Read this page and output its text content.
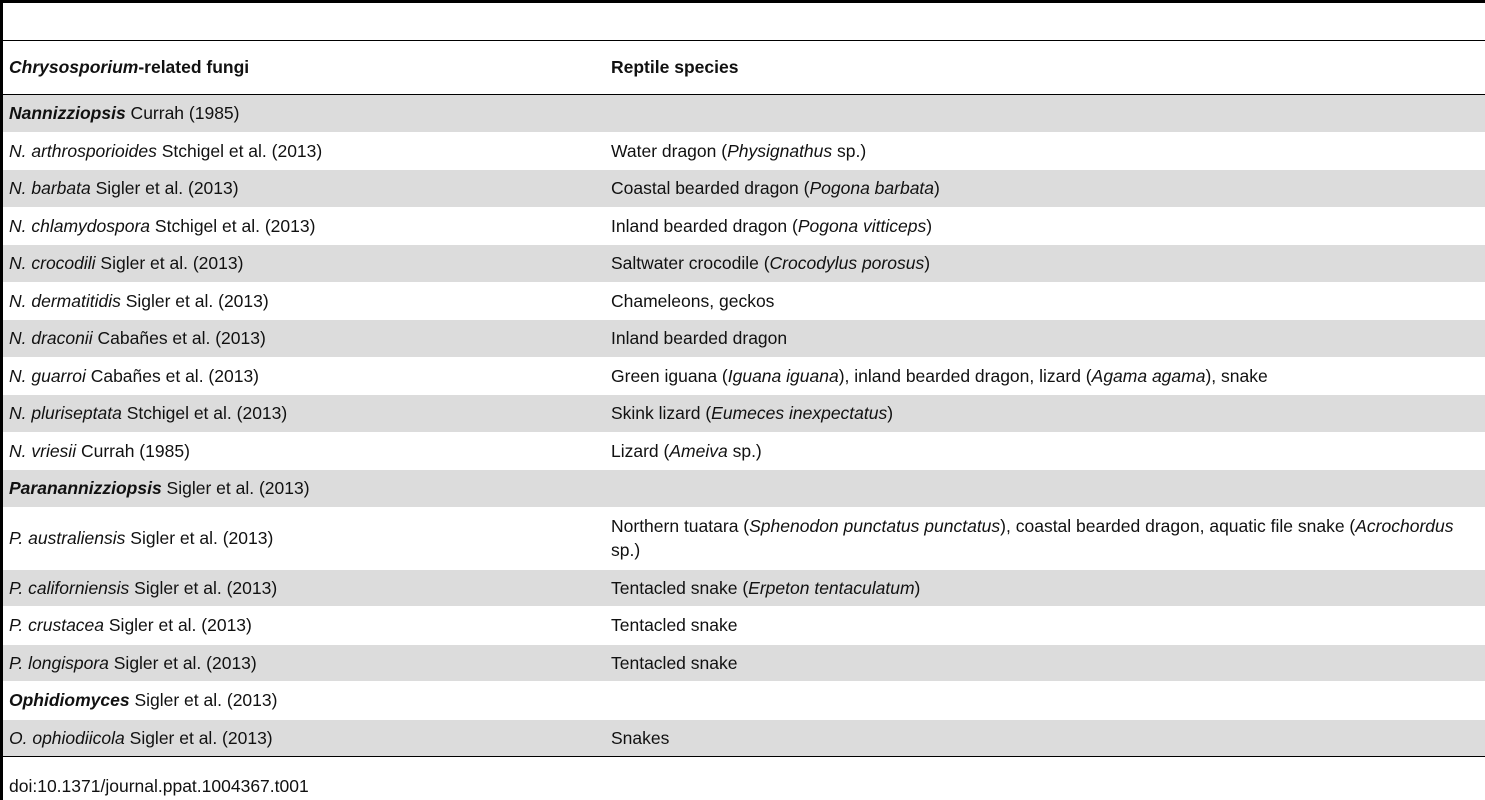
Chrysosporium-related fungi	Reptile species
Nannizziopsis Currah (1985)	
N. arthrosporioides Stchigel et al. (2013)	Water dragon (Physignathus sp.)
N. barbata Sigler et al. (2013)	Coastal bearded dragon (Pogona barbata)
N. chlamydospora Stchigel et al. (2013)	Inland bearded dragon (Pogona vitticeps)
N. crocodili Sigler et al. (2013)	Saltwater crocodile (Crocodylus porosus)
N. dermatitidis Sigler et al. (2013)	Chameleons, geckos
N. draconii Cabañes et al. (2013)	Inland bearded dragon
N. guarroi Cabañes et al. (2013)	Green iguana (Iguana iguana), inland bearded dragon, lizard (Agama agama), snake
N. pluriseptata Stchigel et al. (2013)	Skink lizard (Eumeces inexpectatus)
N. vriesii Currah (1985)	Lizard (Ameiva sp.)
Paranannizziopsis Sigler et al. (2013)	
P. australiensis Sigler et al. (2013)	Northern tuatara (Sphenodon punctatus punctatus), coastal bearded dragon, aquatic file snake (Acrochordus sp.)
P. californiensis Sigler et al. (2013)	Tentacled snake (Erpeton tentaculatum)
P. crustacea Sigler et al. (2013)	Tentacled snake
P. longispora Sigler et al. (2013)	Tentacled snake
Ophidiomyces Sigler et al. (2013)	
O. ophiodiicola Sigler et al. (2013)	Snakes
doi:10.1371/journal.ppat.1004367.t001
